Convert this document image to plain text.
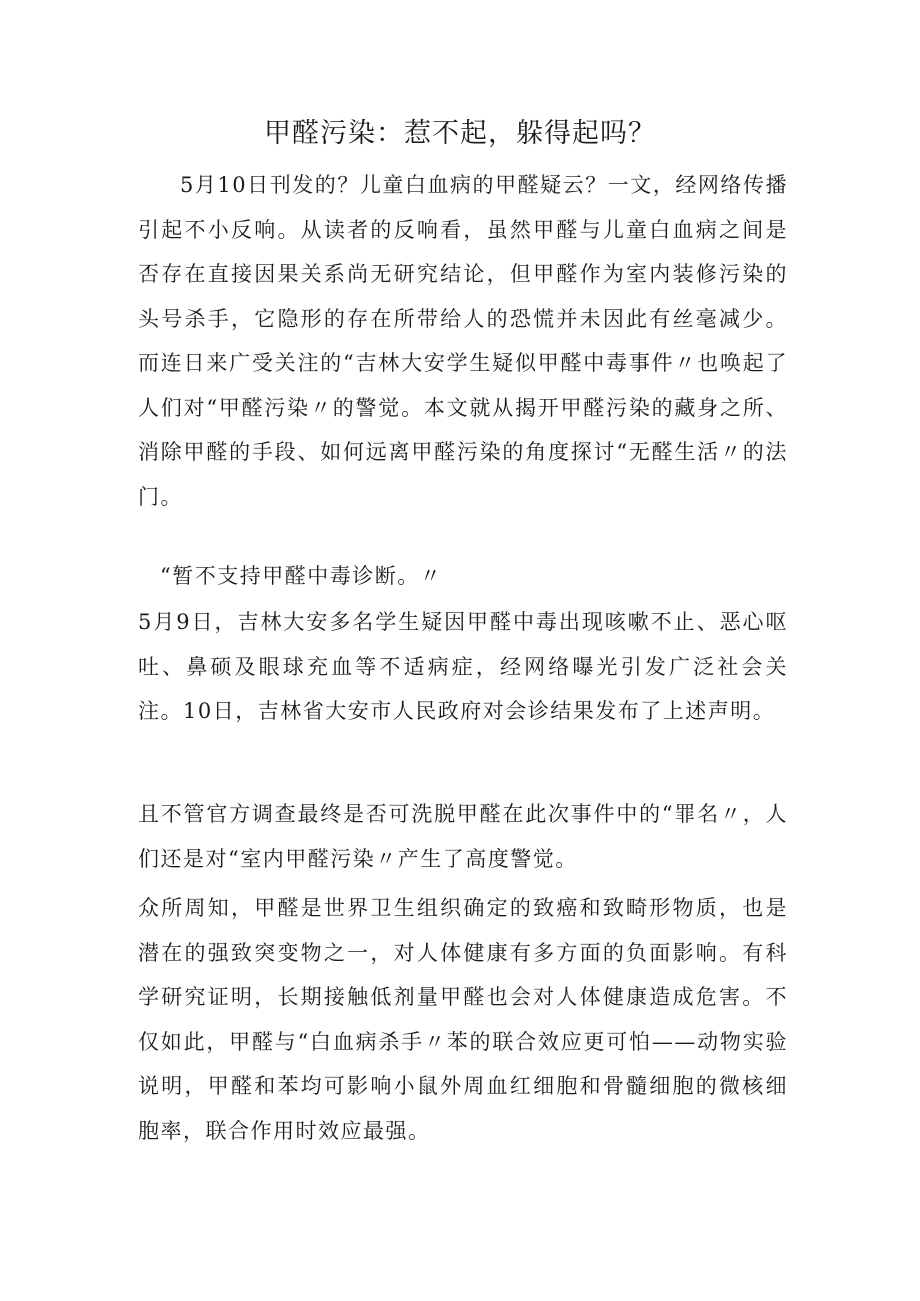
甲醛污染：惹不起，躲得起吗？

5月10日刊发的？儿童白血病的甲醛疑云？一文，经网络传播引起不小反响。从读者的反响看，虽然甲醛与儿童白血病之间是否存在直接因果关系尚无研究结论，但甲醛作为室内装修污染的头号杀手，它隐形的存在所带给人的恐慌并未因此有丝毫减少。而连日来广受关注的“吉林大安学生疑似甲醛中毒事件〃也唤起了人们对“甲醛污染〃的警觉。本文就从揭开甲醛污染的藏身之所、消除甲醛的手段、如何远离甲醛污染的角度探讨“无醛生活〃的法门。

“暂不支持甲醛中毒诊断。〃

5月9日，吉林大安多名学生疑因甲醛中毒出现咳嗽不止、恶心呕吐、鼻硕及眼球充血等不适病症，经网络曝光引发广泛社会关注。10日，吉林省大安市人民政府对会诊结果发布了上述声明。

且不管官方调查最终是否可洗脱甲醛在此次事件中的“罪名〃，人们还是对“室内甲醛污染〃产生了高度警觉。

众所周知，甲醛是世界卫生组织确定的致癌和致畸形物质，也是潜在的强致突变物之一，对人体健康有多方面的负面影响。有科学研究证明，长期接触低剂量甲醛也会对人体健康造成危害。不仅如此，甲醛与“白血病杀手〃苯的联合效应更可怕——动物实验说明，甲醛和苯均可影响小鼠外周血红细胞和骨髓细胞的微核细胞率，联合作用时效应最强。
